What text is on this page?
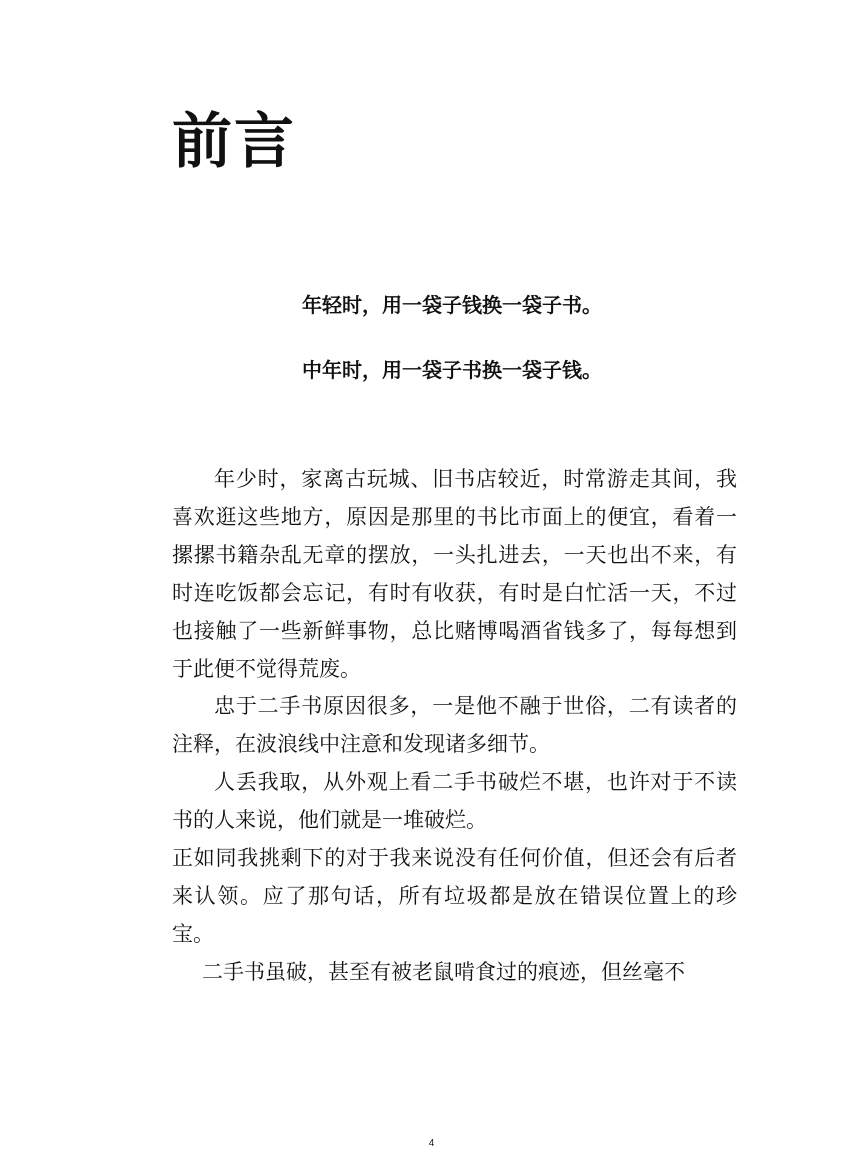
前言

年轻时，用一袋子钱换一袋子书。

中年时，用一袋子书换一袋子钱。

年少时，家离古玩城、旧书店较近，时常游走其间，我喜欢逛这些地方，原因是那里的书比市面上的便宜，看着一摞摞书籍杂乱无章的摆放，一头扎进去，一天也出不来，有时连吃饭都会忘记，有时有收获，有时是白忙活一天，不过也接触了一些新鲜事物，总比赌博喝酒省钱多了，每每想到于此便不觉得荒废。

忠于二手书原因很多，一是他不融于世俗，二有读者的注释，在波浪线中注意和发现诸多细节。

人丢我取，从外观上看二手书破烂不堪，也许对于不读书的人来说，他们就是一堆破烂。

正如同我挑剩下的对于我来说没有任何价值，但还会有后者来认领。应了那句话，所有垃圾都是放在错误位置上的珍宝。

二手书虽破，甚至有被老鼠啃食过的痕迹，但丝毫不

4
